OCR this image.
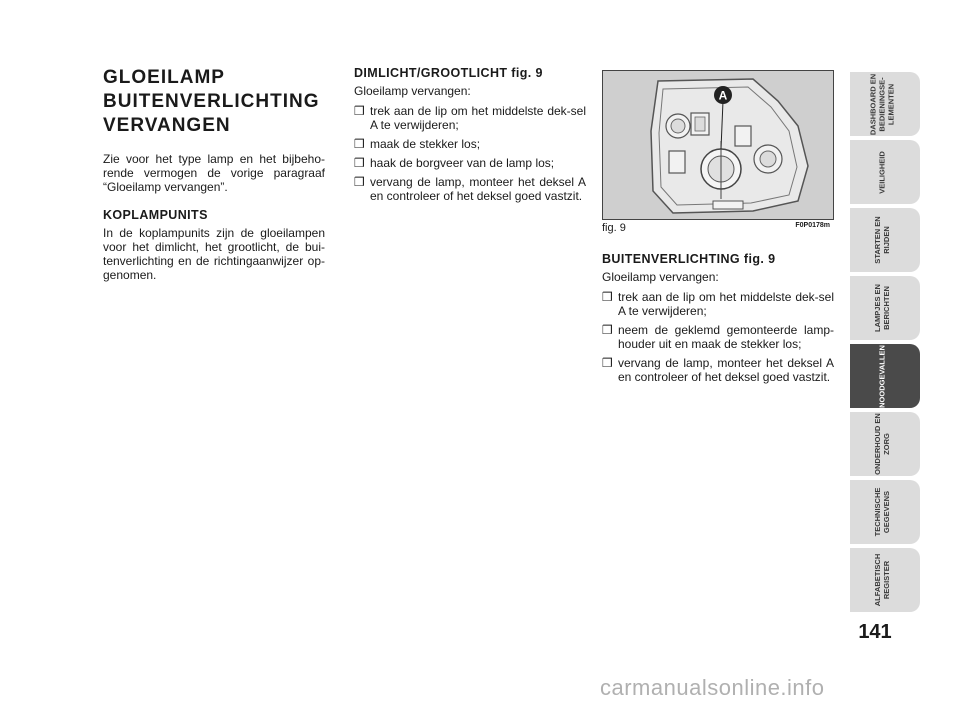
GLOEILAMP BUITENVERLICHTING VERVANGEN

Zie voor het type lamp en het bijbeho-rende vermogen de vorige paragraaf “Gloeilamp vervangen”.

KOPLAMPUNITS

In de koplampunits zijn de gloeilampen voor het dimlicht, het grootlicht, de bui-tenverlichting en de richtingaanwijzer op-genomen.

DIMLICHT/GROOTLICHT fig. 9

Gloeilamp vervangen:

❒ trek aan de lip om het middelste dek-sel A te verwijderen;
❒ maak de stekker los;
❒ haak de borgveer van de lamp los;
❒ vervang de lamp, monteer het deksel A en controleer of het deksel goed vastzit.
A
fig. 9	F0P0178m
BUITENVERLICHTING fig. 9

Gloeilamp vervangen:

❒ trek aan de lip om het middelste dek-sel A te verwijderen;
❒ neem de geklemd gemonteerde lamp-houder uit en maak de stekker los;
❒ vervang de lamp, monteer het deksel A en controleer of het deksel goed vastzit.
DASHBOARD EN
BEDIENINGSE-
LEMENTEN
VEILIGHEID
STARTEN EN
RIJDEN
LAMPJES EN
BERICHTEN
NOODGEVALLEN
ONDERHOUD EN
ZORG
TECHNISCHE
GEGEVENS
ALFABETISCH
REGISTER
141
carmanualsonline.info
